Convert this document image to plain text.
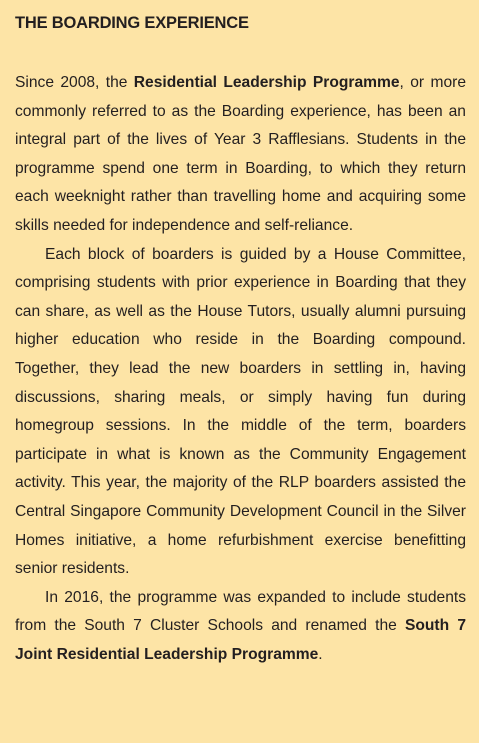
THE BOARDING EXPERIENCE

Since 2008, the Residential Leadership Programme, or more commonly referred to as the Boarding experience, has been an integral part of the lives of Year 3 Rafflesians. Students in the programme spend one term in Boarding, to which they return each weeknight rather than travelling home and acquiring some skills needed for independence and self-reliance.

Each block of boarders is guided by a House Committee, comprising students with prior experience in Boarding that they can share, as well as the House Tutors, usually alumni pursuing higher education who reside in the Boarding compound. Together, they lead the new boarders in settling in, having discussions, sharing meals, or simply having fun during homegroup sessions. In the middle of the term, boarders participate in what is known as the Community Engagement activity. This year, the majority of the RLP boarders assisted the Central Singapore Community Development Council in the Silver Homes initiative, a home refurbishment exercise benefitting senior residents.

In 2016, the programme was expanded to include students from the South 7 Cluster Schools and renamed the South 7 Joint Residential Leadership Programme.
